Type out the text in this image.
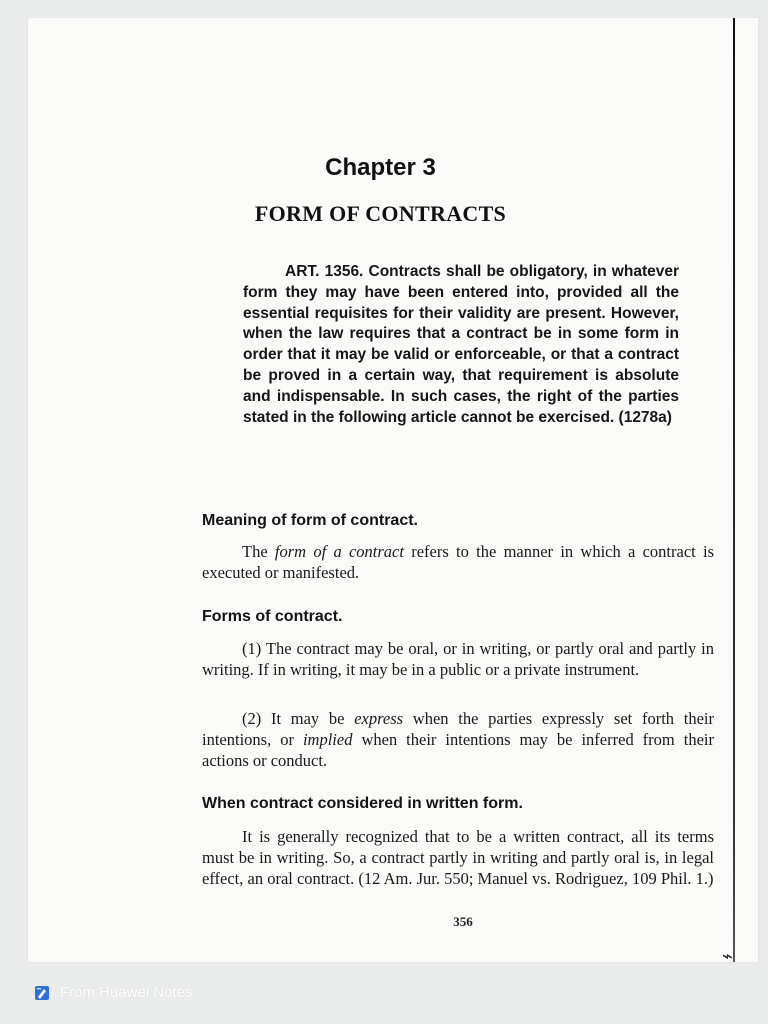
⌁
Chapter 3
FORM OF CONTRACTS
ART. 1356. Contracts shall be obligatory, in whatever form they may have been entered into, provided all the essential requisites for their validity are present. However, when the law requires that a contract be in some form in order that it may be valid or enforceable, or that a contract be proved in a certain way, that requirement is absolute and indispensable. In such cases, the right of the parties stated in the following article cannot be exercised. (1278a)
Meaning of form of contract.
The form of a contract refers to the manner in which a contract is executed or manifested.
Forms of contract.
(1) The contract may be oral, or in writing, or partly oral and partly in writing. If in writing, it may be in a public or a private instrument.
(2) It may be express when the parties expressly set forth their intentions, or implied when their intentions may be inferred from their actions or conduct.
When contract considered in written form.
It is generally recognized that to be a written contract, all its terms must be in writing. So, a contract partly in writing and partly oral is, in legal effect, an oral contract. (12 Am. Jur. 550; Manuel vs. Rodriguez, 109 Phil. 1.)
356
From Huawei Notes
